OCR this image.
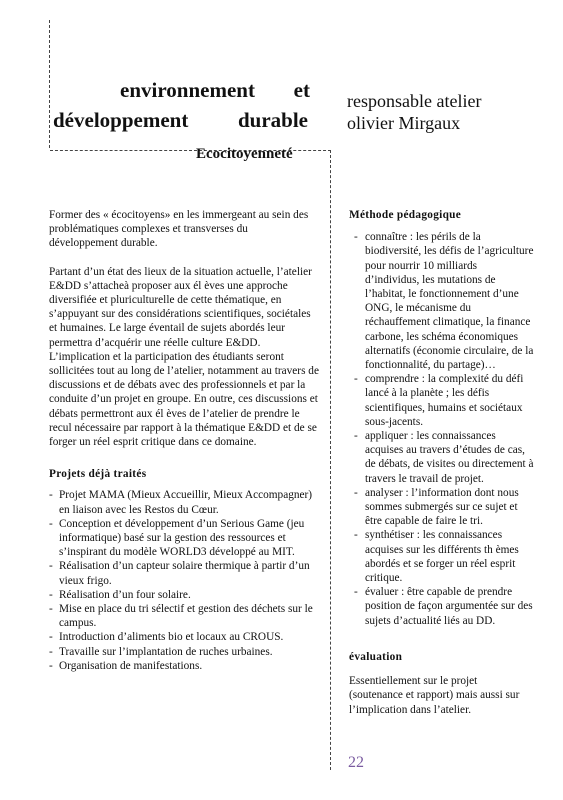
environnement et
développement durable
responsable atelier
olivier Mirgaux
Ecocitoyenneté

Former des « écocitoyens» en les immergeant au sein des problématiques complexes et transverses du développement durable.

Partant d’un état des lieux de la situation actuelle, l’atelier E&DD s’attacheà proposer aux él èves une approche diversifiée et pluriculturelle de cette thématique, en s’appuyant sur des considérations scientifiques, sociétales et humaines. Le large éventail de sujets abordés leur permettra d’acquérir une réelle culture E&DD. L’implication et la participation des étudiants seront sollicitées tout au long de l’atelier, notamment au travers de discussions et de débats avec des professionnels et par la conduite d’un projet en groupe. En outre, ces discussions et débats permettront aux él èves de l’atelier de prendre le recul nécessaire par rapport à la thématique E&DD et de se forger un réel esprit critique dans ce domaine.

Projets déjà traités
- Projet MAMA (Mieux Accueillir, Mieux Accompagner) en liaison avec les Restos du Cœur.
- Conception et développement d’un Serious Game (jeu informatique) basé sur la gestion des ressources et s’inspirant du modèle WORLD3 développé au MIT.
- Réalisation d’un capteur solaire thermique à partir d’un vieux frigo.
- Réalisation d’un four solaire.
- Mise en place du tri sélectif et gestion des déchets sur le campus.
- Introduction d’aliments bio et locaux au CROUS.
- Travaille sur l’implantation de ruches urbaines.
- Organisation de manifestations.
Méthode pédagogique
- connaître : les périls de la biodiversité, les défis de l’agriculture pour nourrir 10 milliards d’individus, les mutations de l’habitat, le fonctionnement d’une ONG, le mécanisme du réchauffement climatique, la finance carbone, les schéma économiques alternatifs (économie circulaire, de la fonctionnalité, du partage)…
- comprendre : la complexité du défi lancé à la planète ; les défis scientifiques, humains et sociétaux sous-jacents.
- appliquer : les connaissances acquises au travers d’études de cas, de débats, de visites ou directement à travers le travail de projet.
- analyser : l’information dont nous sommes submergés sur ce sujet et être capable de faire le tri.
- synthétiser : les connaissances acquises sur les différents th èmes abordés et se forger un réel esprit critique.
- évaluer : être capable de prendre position de façon argumentée sur des sujets d’actualité liés au DD.
évaluation

Essentiellement sur le projet (soutenance et rapport) mais aussi sur l’implication dans l’atelier.

22
